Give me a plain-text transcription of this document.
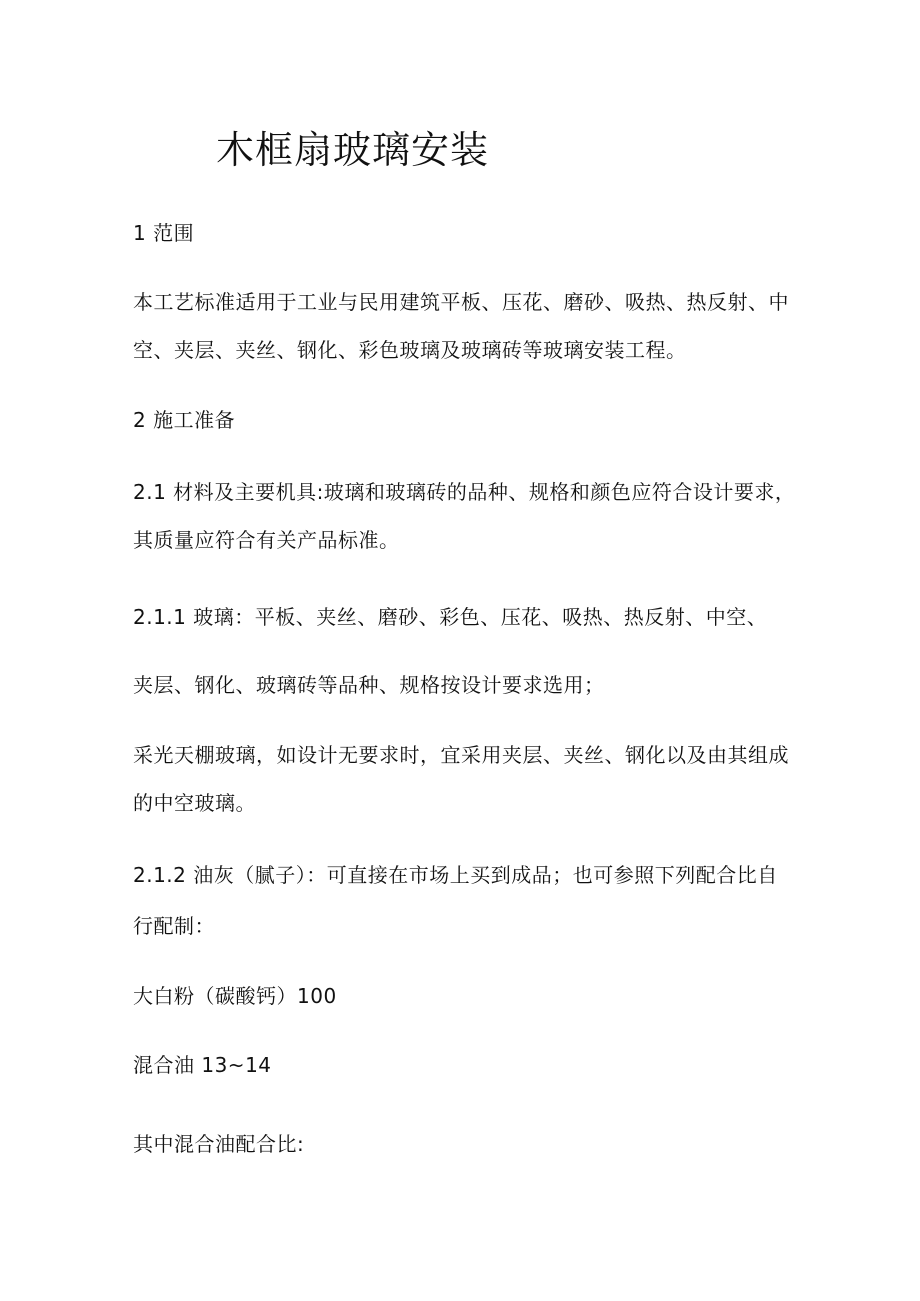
木框扇玻璃安装
1 范围
本工艺标准适用于工业与民用建筑平板、压花、磨砂、吸热、热反射、中
空、夹层、夹丝、钢化、彩色玻璃及玻璃砖等玻璃安装工程。
2 施工准备
2.1 材料及主要机具:玻璃和玻璃砖的品种、规格和颜色应符合设计要求，
其质量应符合有关产品标准。
2.1.1 玻璃：平板、夹丝、磨砂、彩色、压花、吸热、热反射、中空、
夹层、钢化、玻璃砖等品种、规格按设计要求选用；
采光天棚玻璃，如设计无要求时，宜采用夹层、夹丝、钢化以及由其组成
的中空玻璃。
2.1.2 油灰（腻子）：可直接在市场上买到成品；也可参照下列配合比自
行配制：
大白粉（碳酸钙）100
混合油 13~14
其中混合油配合比:
